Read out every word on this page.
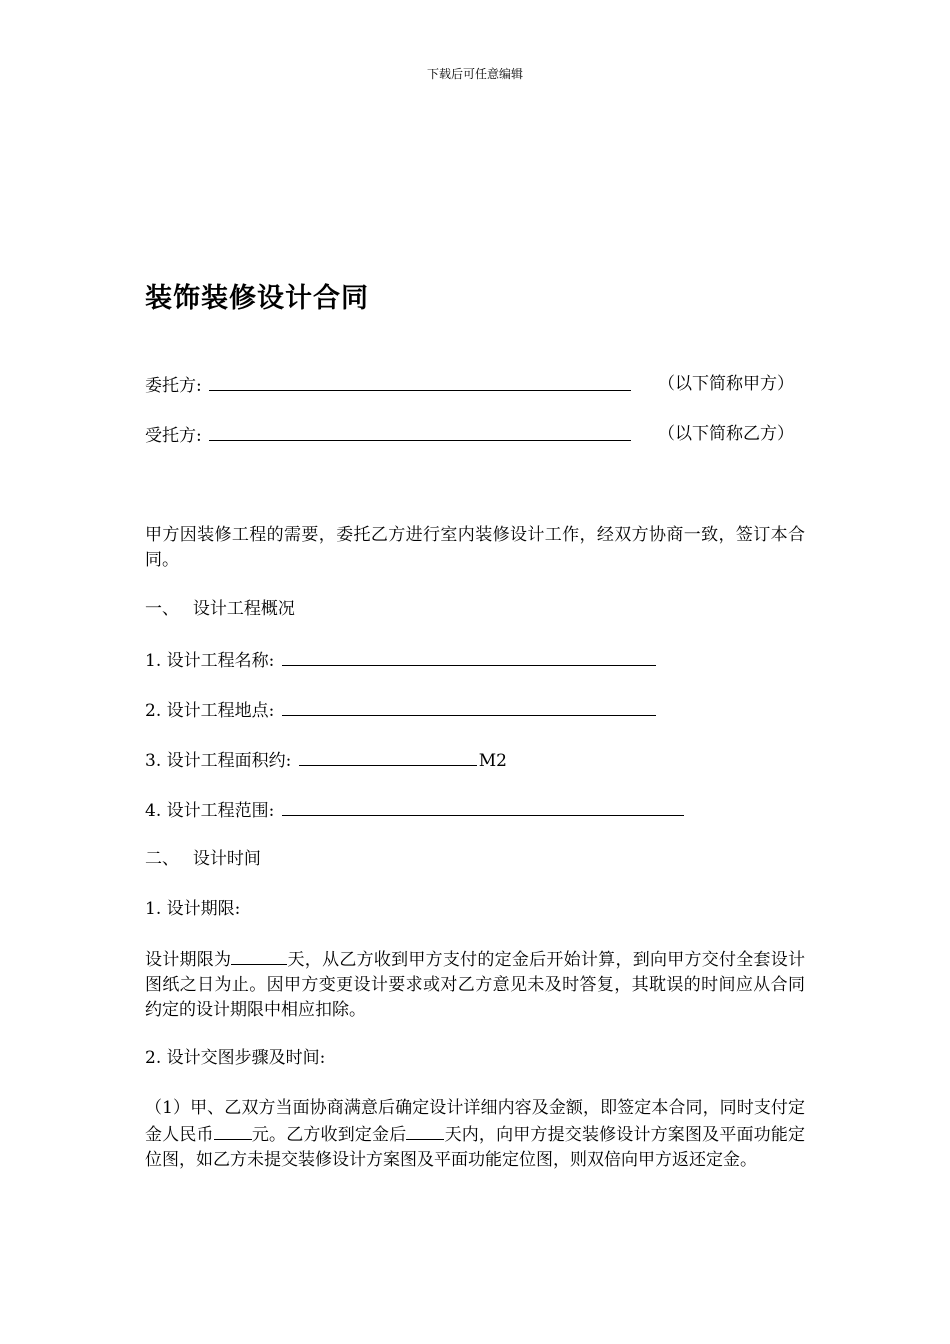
下载后可任意编辑
装饰装修设计合同
委托方:	（以下简称甲方）
受托方:	（以下简称乙方）

甲方因装修工程的需要，委托乙方进行室内装修设计工作，经双方协商一致，签订本合同。

一、　 设计工程概况
1. 设计工程名称:
2. 设计工程地点:
3. 设计工程面积约:	M2
4. 设计工程范围:
二、　 设计时间
1. 设计期限:

设计期限为	天，从乙方收到甲方支付的定金后开始计算，到向甲方交付全套设计图纸之日为止。因甲方变更设计要求或对乙方意见未及时答复，其耽误的时间应从合同约定的设计期限中相应扣除。

2. 设计交图步骤及时间:

（1）甲、乙双方当面协商满意后确定设计详细内容及金额，即签定本合同，同时支付定金人民币 元。乙方收到定金后 天内，向甲方提交装修设计方案图及平面功能定位图，如乙方未提交装修设计方案图及平面功能定位图，则双倍向甲方返还定金。
